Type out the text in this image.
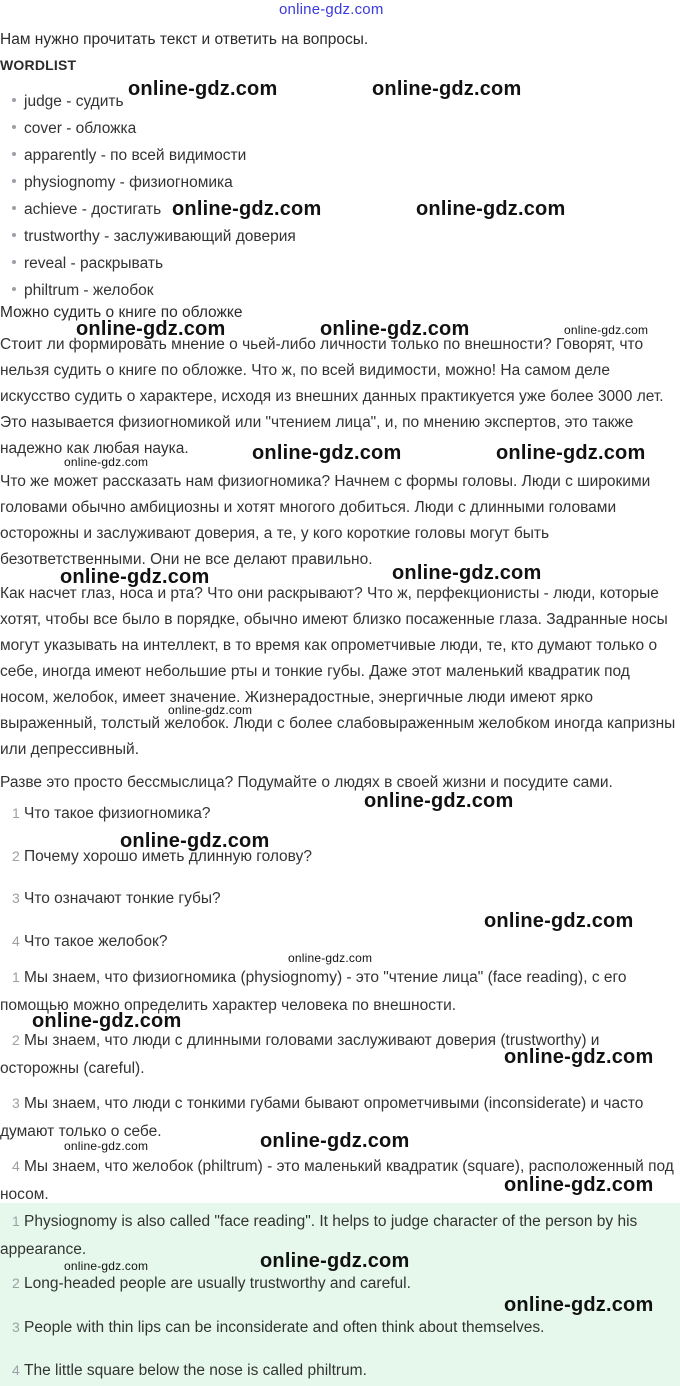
online-gdz.com
Нам нужно прочитать текст и ответить на вопросы.
WORDLIST
judge - судить
cover - обложка
apparently - по всей видимости
physiognomy - физиогномика
achieve - достигать
trustworthy - заслуживающий доверия
reveal - раскрывать
philtrum - желобок
Можно судить о книге по обложке
Стоит ли формировать мнение о чьей-либо личности только по внешности? Говорят, что нельзя судить о книге по обложке. Что ж, по всей видимости, можно! На самом деле искусство судить о характере, исходя из внешних данных практикуется уже более 3000 лет. Это называется физиогномикой или "чтением лица", и, по мнению экспертов, это также надежно как любая наука.
Что же может рассказать нам физиогномика? Начнем с формы головы. Люди с широкими головами обычно амбициозны и хотят многого добиться. Люди с длинными головами осторожны и заслуживают доверия, а те, у кого короткие головы могут быть безответственными. Они не все делают правильно.
Как насчет глаз, носа и рта? Что они раскрывают? Что ж, перфекционисты - люди, которые хотят, чтобы все было в порядке, обычно имеют близко посаженные глаза. Задранные носы могут указывать на интеллект, в то время как опрометчивые люди, те, кто думают только о себе, иногда имеют небольшие рты и тонкие губы. Даже этот маленький квадратик под носом, желобок, имеет значение. Жизнерадостные, энергичные люди имеют ярко выраженный, толстый желобок. Люди с более слабовыраженным желобком иногда капризны или депрессивный.
Разве это просто бессмыслица? Подумайте о людях в своей жизни и посудите сами.
1 Что такое физиогномика?
2 Почему хорошо иметь длинную голову?
3 Что означают тонкие губы?
4 Что такое желобок?
1 Мы знаем, что физиогномика (physiognomy) - это "чтение лица" (face reading), с его помощью можно определить характер человека по внешности.
2 Мы знаем, что люди с длинными головами заслуживают доверия (trustworthy) и осторожны (careful).
3 Мы знаем, что люди с тонкими губами бывают опрометчивыми (inconsiderate) и часто думают только о себе.
4 Мы знаем, что желобок (philtrum) - это маленький квадратик (square), расположенный под носом.
1 Physiognomy is also called "face reading". It helps to judge character of the person by his appearance.
2 Long-headed people are usually trustworthy and careful.
3 People with thin lips can be inconsiderate and often think about themselves.
4 The little square below the nose is called philtrum.
online-gdz.com	online-gdz.com
online-gdz.com	online-gdz.com
online-gdz.com	online-gdz.com	online-gdz.com
online-gdz.com	online-gdz.com
online-gdz.com
online-gdz.com	online-gdz.com
online-gdz.com
online-gdz.com
online-gdz.com
online-gdz.com
online-gdz.com
online-gdz.com
online-gdz.com
online-gdz.com	online-gdz.com
online-gdz.com
online-gdz.com	online-gdz.com
online-gdz.com
